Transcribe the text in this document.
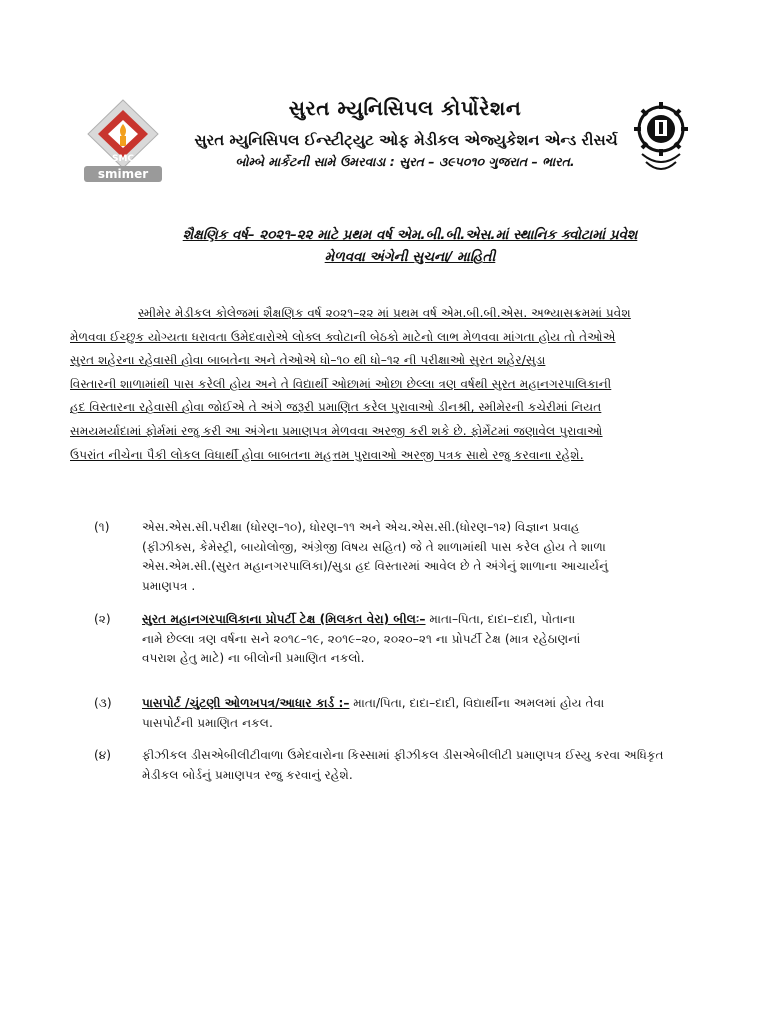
SMC
smimer
સુરત મ્યુનિસિપલ કોર્પોરેશન
સુરત મ્યુનિસિપલ ઈન્સ્ટીટ્યુટ ઓફ મેડીકલ એજ્યુકેશન એન્ડ રીસર્ચ
બોમ્બે માર્કેટની સામે ઉમરવાડા : સુરત – ૩૯૫૦૧૦ ગુજરાત – ભારત.
શૈક્ષણિક વર્ષ– ૨૦૨૧–૨૨ માટે પ્રથમ વર્ષ એમ.બી.બી.એસ.માં સ્થાનિક ક્વોટામાં પ્રવેશ
મેળવવા અંગેની સુચના/ માહિતી
સ્મીમેર મેડીકલ કોલેજમાં શૈક્ષણિક વર્ષ ૨૦૨૧–૨૨ માં પ્રથમ વર્ષ એમ.બી.બી.એસ. અભ્યાસક્રમમાં પ્રવેશ
મેળવવા ઈચ્છુક યોગ્યતા ધરાવતા ઉમેદવારોએ લોક્લ ક્વોટાની બેઠકો માટેનો લાભ મેળવવા માંગતા હોય તો તેઓએ
સુરત શહેરના રહેવાસી હોવા બાબતેના અને તેઓએ ધો–૧૦ થી ધો–૧૨ ની પરીક્ષાઓ સુરત શહેર/સુડા
વિસ્તારની શાળામાંથી પાસ કરેલી હોય અને તે વિદ્યાર્થી ઓછામાં ઓછા છેલ્લા ત્રણ વર્ષથી સુરત મહાનગરપાલિકાની
હદ વિસ્તારના રહેવાસી હોવા જોઈએ તે અંગે જરૂરી પ્રમાણિત કરેલ પુરાવાઓ ડીનશ્રી, સ્મીમેરની કચેરીમાં નિયત
સમયમર્યાદામાં ફોર્મમાં રજુ કરી આ અંગેના પ્રમાણપત્ર મેળવવા અરજી કરી શકે છે. ફોર્મેટમાં જણાવેલ પુરાવાઓ
ઉપરાંત નીચેના પૈકી લોકલ વિધાર્થી હોવા બાબતના મહત્તમ પુરાવાઓ અરજી પત્રક સાથે રજુ કરવાના રહેશે.
(૧)	એસ.એસ.સી.પરીક્ષા (ધોરણ–૧૦), ધોરણ–૧૧ અને એચ.એસ.સી.(ધોરણ–૧૨) વિજ્ઞાન પ્રવાહ
(ફીઝીક્સ, કેમેસ્ટ્રી, બાયોલોજી, અંગ્રેજી વિષય સહિત) જે તે શાળામાંથી પાસ કરેલ હોય તે શાળા
એસ.એમ.સી.(સુરત મહાનગરપાલિકા)/સુડા હદ વિસ્તારમાં આવેલ છે તે અંગેનું શાળાના આચાર્યનું
પ્રમાણપત્ર .
(૨)	સુરત મહાનગરપાલિકાના પ્રોપર્ટી ટેક્ષ (મિલકત વેરા) બીલઃ– માતા–પિતા, દાદા–દાદી, પોતાના
નામે છેલ્લા ત્રણ વર્ષના સને ૨૦૧૮–૧૯, ૨૦૧૯–૨૦, ૨૦૨૦–૨૧ ના પ્રોપર્ટી ટેક્ષ (માત્ર રહેઠાણનાં
વપરાશ હેતુ માટે) ના બીલોની પ્રમાણિત નકલો.
(૩)	પાસપોર્ટ /ચુંટણી ઓળખપત્ર/આધાર કાર્ડ :– માતા/પિતા, દાદા–દાદી, વિદ્યાર્થીના અમલમાં હોય તેવા
પાસપોર્ટની પ્રમાણિત નકલ.
(૪)	ફીઝીકલ ડીસએબીલીટીવાળા ઉમેદવારોના કિસ્સામાં ફીઝીકલ ડીસએબીલીટી પ્રમાણપત્ર ઈસ્યુ કરવા અધિકૃત
મેડીકલ બોર્ડનું પ્રમાણપત્ર રજુ કરવાનું રહેશે.
